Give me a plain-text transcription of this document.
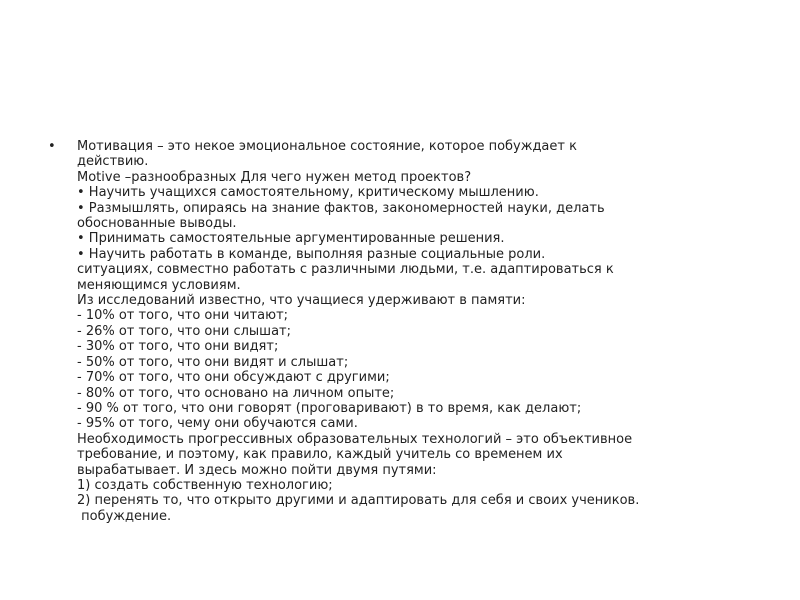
• Мотивация – это некое эмоциональное состояние, которое побуждает к
действию.
Motive –разнообразных Для чего нужен метод проектов?
• Научить учащихся самостоятельному, критическому мышлению.
• Размышлять, опираясь на знание фактов, закономерностей науки, делать
обоснованные выводы.
• Принимать самостоятельные аргументированные решения.
• Научить работать в команде, выполняя разные социальные роли.
ситуациях, совместно работать с различными людьми, т.е. адаптироваться к
меняющимся условиям.
Из исследований известно, что учащиеся удерживают в памяти:
- 10% от того, что они читают;
- 26% от того, что они слышат;
- 30% от того, что они видят;
- 50% от того, что они видят и слышат;
- 70% от того, что они обсуждают с другими;
- 80% от того, что основано на личном опыте;
- 90 % от того, что они говорят (проговаривают) в то время, как делают;
- 95% от того, чему они обучаются сами.
Необходимость прогрессивных образовательных технологий – это объективное
требование, и поэтому, как правило, каждый учитель со временем их
вырабатывает. И здесь можно пойти двумя путями:
1) создать собственную технологию;
2) перенять то, что открыто другими и адаптировать для себя и своих учеников.
побуждение.
